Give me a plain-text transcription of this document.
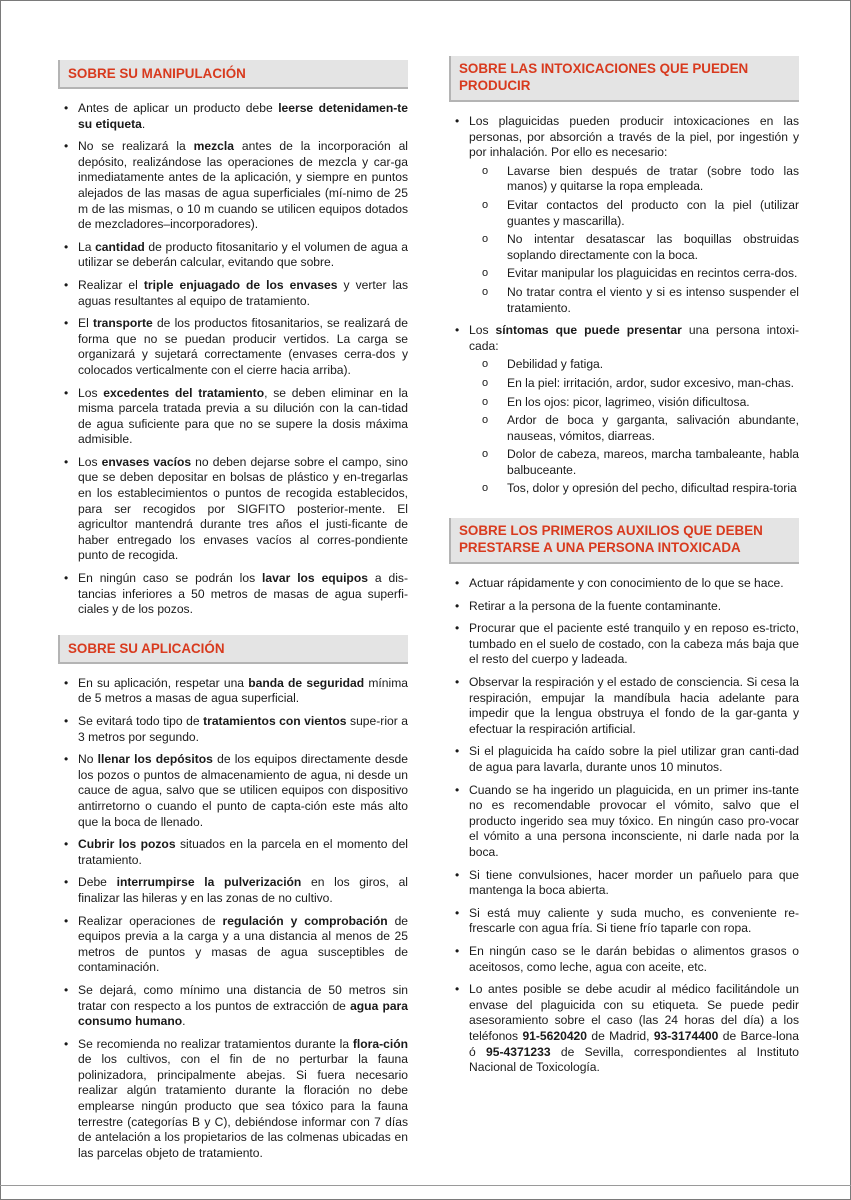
SOBRE SU MANIPULACIÓN
• Antes de aplicar un producto debe leerse detenidamen-te su etiqueta.
• No se realizará la mezcla antes de la incorporación al depósito, realizándose las operaciones de mezcla y car-ga inmediatamente antes de la aplicación, y siempre en puntos alejados de las masas de agua superficiales (mí-nimo de 25 m de las mismas, o 10 m cuando se utilicen equipos dotados de mezcladores–incorporadores).
• La cantidad de producto fitosanitario y el volumen de agua a utilizar se deberán calcular, evitando que sobre.
• Realizar el triple enjuagado de los envases y verter las aguas resultantes al equipo de tratamiento.
• El transporte de los productos fitosanitarios, se realizará de forma que no se puedan producir vertidos. La carga se organizará y sujetará correctamente (envases cerra-dos y colocados verticalmente con el cierre hacia arriba).
• Los excedentes del tratamiento, se deben eliminar en la misma parcela tratada previa a su dilución con la can-tidad de agua suficiente para que no se supere la dosis máxima admisible.
• Los envases vacíos no deben dejarse sobre el campo, sino que se deben depositar en bolsas de plástico y en-tregarlas en los establecimientos o puntos de recogida establecidos, para ser recogidos por SIGFITO posterior-mente. El agricultor mantendrá durante tres años el justi-ficante de haber entregado los envases vacíos al corres-pondiente punto de recogida.
• En ningún caso se podrán los lavar los equipos a dis-tancias inferiores a 50 metros de masas de agua superfi-ciales y de los pozos.
SOBRE SU APLICACIÓN
• En su aplicación, respetar una banda de seguridad mínima de 5 metros a masas de agua superficial.
• Se evitará todo tipo de tratamientos con vientos supe-rior a 3 metros por segundo.
• No llenar los depósitos de los equipos directamente desde los pozos o puntos de almacenamiento de agua, ni desde un cauce de agua, salvo que se utilicen equipos con dispositivo antirretorno o cuando el punto de capta-ción este más alto que la boca de llenado.
• Cubrir los pozos situados en la parcela en el momento del tratamiento.
• Debe interrumpirse la pulverización en los giros, al finalizar las hileras y en las zonas de no cultivo.
• Realizar operaciones de regulación y comprobación de equipos previa a la carga y a una distancia al menos de 25 metros de puntos y masas de agua susceptibles de contaminación.
• Se dejará, como mínimo una distancia de 50 metros sin tratar con respecto a los puntos de extracción de agua para consumo humano.
• Se recomienda no realizar tratamientos durante la flora-ción de los cultivos, con el fin de no perturbar la fauna polinizadora, principalmente abejas. Si fuera necesario realizar algún tratamiento durante la floración no debe emplearse ningún producto que sea tóxico para la fauna terrestre (categorías B y C), debiéndose informar con 7 días de antelación a los propietarios de las colmenas ubicadas en las parcelas objeto de tratamiento.
SOBRE LAS INTOXICACIONES QUE PUEDEN PRODUCIR
• Los plaguicidas pueden producir intoxicaciones en las personas, por absorción a través de la piel, por ingestión y por inhalación. Por ello es necesario:
o Lavarse bien después de tratar (sobre todo las manos) y quitarse la ropa empleada.
o Evitar contactos del producto con la piel (utilizar guantes y mascarilla).
o No intentar desatascar las boquillas obstruidas soplando directamente con la boca.
o Evitar manipular los plaguicidas en recintos cerra-dos.
o No tratar contra el viento y si es intenso suspender el tratamiento.
• Los síntomas que puede presentar una persona intoxi-cada:
o Debilidad y fatiga.
o En la piel: irritación, ardor, sudor excesivo, man-chas.
o En los ojos: picor, lagrimeo, visión dificultosa.
o Ardor de boca y garganta, salivación abundante, nauseas, vómitos, diarreas.
o Dolor de cabeza, mareos, marcha tambaleante, habla balbuceante.
o Tos, dolor y opresión del pecho, dificultad respira-toria
SOBRE LOS PRIMEROS AUXILIOS QUE DEBEN PRESTARSE A UNA PERSONA INTOXICADA
• Actuar rápidamente y con conocimiento de lo que se hace.
• Retirar a la persona de la fuente contaminante.
• Procurar que el paciente esté tranquilo y en reposo es-tricto, tumbado en el suelo de costado, con la cabeza más baja que el resto del cuerpo y ladeada.
• Observar la respiración y el estado de consciencia. Si cesa la respiración, empujar la mandíbula hacia adelante para impedir que la lengua obstruya el fondo de la gar-ganta y efectuar la respiración artificial.
• Si el plaguicida ha caído sobre la piel utilizar gran canti-dad de agua para lavarla, durante unos 10 minutos.
• Cuando se ha ingerido un plaguicida, en un primer ins-tante no es recomendable provocar el vómito, salvo que el producto ingerido sea muy tóxico. En ningún caso pro-vocar el vómito a una persona inconsciente, ni darle nada por la boca.
• Si tiene convulsiones, hacer morder un pañuelo para que mantenga la boca abierta.
• Si está muy caliente y suda mucho, es conveniente re-frescarle con agua fría. Si tiene frío taparle con ropa.
• En ningún caso se le darán bebidas o alimentos grasos o aceitosos, como leche, agua con aceite, etc.
• Lo antes posible se debe acudir al médico facilitándole un envase del plaguicida con su etiqueta. Se puede pedir asesoramiento sobre el caso (las 24 horas del día) a los teléfonos 91-5620420 de Madrid, 93-3174400 de Barce-lona ó 95-4371233 de Sevilla, correspondientes al Instituto Nacional de Toxicología.
